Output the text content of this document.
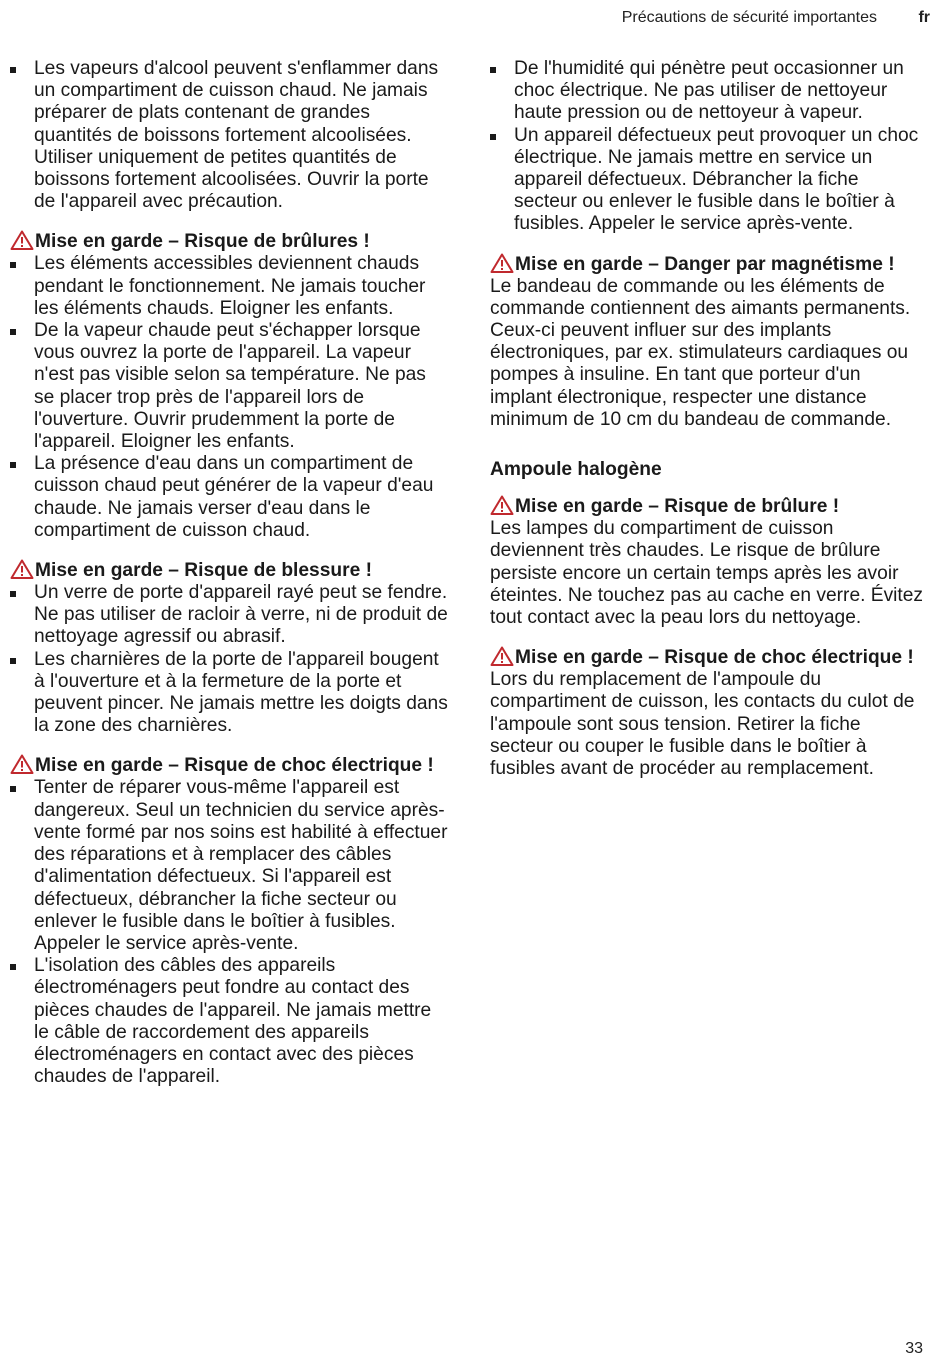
Précautions de sécurité importantes	fr
Les vapeurs d'alcool peuvent s'enflammer dans un compartiment de cuisson chaud. Ne jamais préparer de plats contenant de grandes quantités de boissons fortement alcoolisées. Utiliser uniquement de petites quantités de boissons fortement alcoolisées. Ouvrir la porte de l'appareil avec précaution.

Mise en garde – Risque de brûlures !

Les éléments accessibles deviennent chauds pendant le fonctionnement. Ne jamais toucher les éléments chauds. Eloigner les enfants.
De la vapeur chaude peut s'échapper lorsque vous ouvrez la porte de l'appareil. La vapeur n'est pas visible selon sa température. Ne pas se placer trop près de l'appareil lors de l'ouverture. Ouvrir prudemment la porte de l'appareil. Eloigner les enfants.
La présence d'eau dans un compartiment de cuisson chaud peut générer de la vapeur d'eau chaude. Ne jamais verser d'eau dans le compartiment de cuisson chaud.

Mise en garde – Risque de blessure !

Un verre de porte d'appareil rayé peut se fendre. Ne pas utiliser de racloir à verre, ni de produit de nettoyage agressif ou abrasif.
Les charnières de la porte de l'appareil bougent à l'ouverture et à la fermeture de la porte et peuvent pincer. Ne jamais mettre les doigts dans la zone des charnières.

Mise en garde – Risque de choc électrique !

Tenter de réparer vous-même l'appareil est dangereux. Seul un technicien du service après-vente formé par nos soins est habilité à effectuer des réparations et à remplacer des câbles d'alimentation défectueux. Si l'appareil est défectueux, débrancher la fiche secteur ou enlever le fusible dans le boîtier à fusibles. Appeler le service après-vente.
L'isolation des câbles des appareils électroménagers peut fondre au contact des pièces chaudes de l'appareil. Ne jamais mettre le câble de raccordement des appareils électroménagers en contact avec des pièces chaudes de l'appareil.
De l'humidité qui pénètre peut occasionner un choc électrique. Ne pas utiliser de nettoyeur haute pression ou de nettoyeur à vapeur.
Un appareil défectueux peut provoquer un choc électrique. Ne jamais mettre en service un appareil défectueux. Débrancher la fiche secteur ou enlever le fusible dans le boîtier à fusibles. Appeler le service après-vente.

Mise en garde – Danger par magnétisme !

Le bandeau de commande ou les éléments de commande contiennent des aimants permanents. Ceux-ci peuvent influer sur des implants électroniques, par ex. stimulateurs cardiaques ou pompes à insuline. En tant que porteur d'un implant électronique, respecter une distance minimum de 10 cm du bandeau de commande.

Ampoule halogène

Mise en garde – Risque de brûlure !

Les lampes du compartiment de cuisson deviennent très chaudes. Le risque de brûlure persiste encore un certain temps après les avoir éteintes. Ne touchez pas au cache en verre. Évitez tout contact avec la peau lors du nettoyage.

Mise en garde – Risque de choc électrique !

Lors du remplacement de l'ampoule du compartiment de cuisson, les contacts du culot de l'ampoule sont sous tension. Retirer la fiche secteur ou couper le fusible dans le boîtier à fusibles avant de procéder au remplacement.

33
